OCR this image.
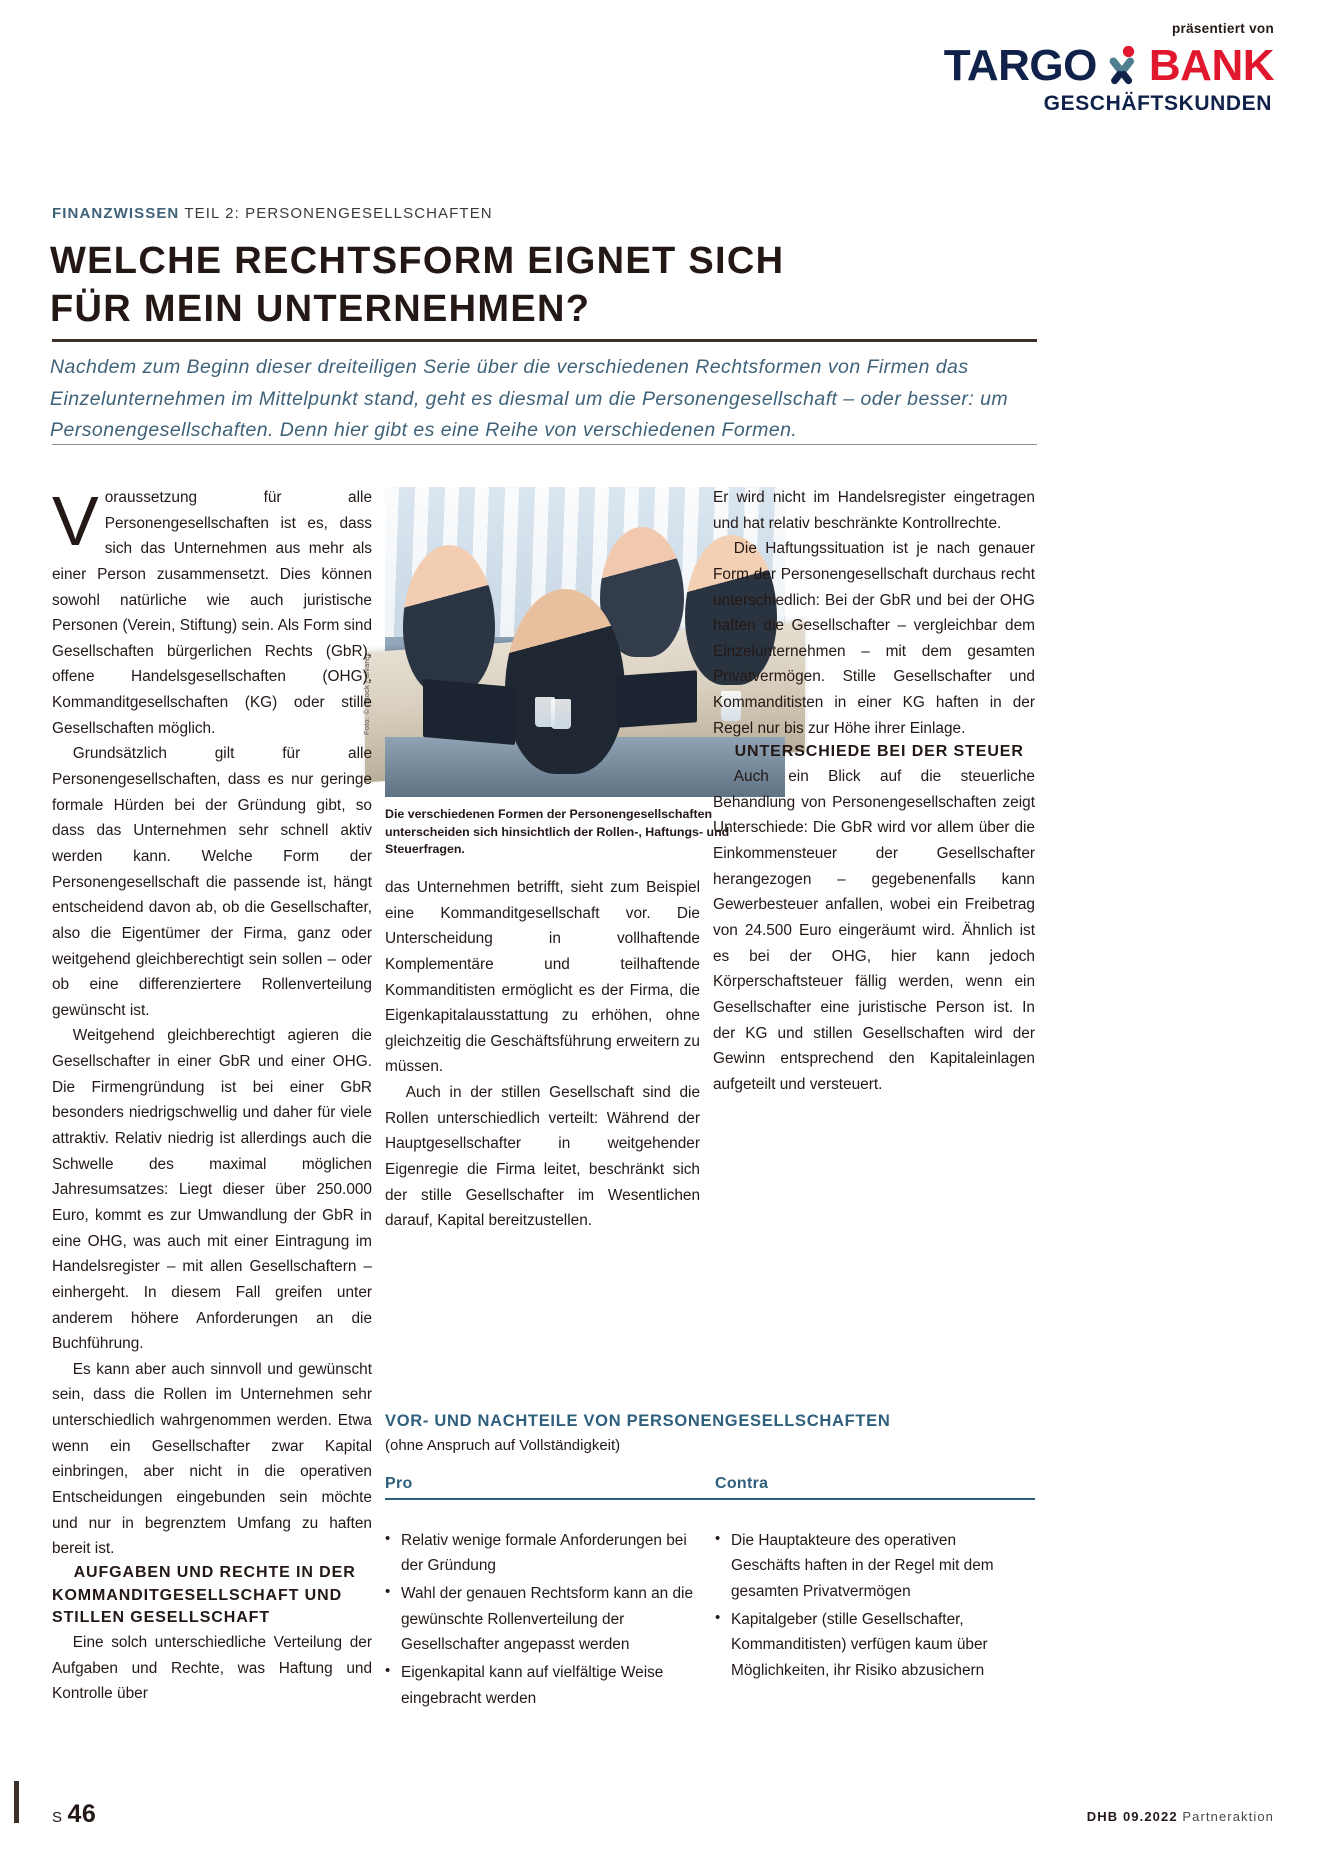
präsentiert von
TARGO BANK
GESCHÄFTSKUNDEN
FINANZWISSEN TEIL 2: PERSONENGESELLSCHAFTEN
WELCHE RECHTSFORM EIGNET SICH
FÜR MEIN UNTERNEHMEN?

Nachdem zum Beginn dieser dreiteiligen Serie über die verschiedenen Rechtsformen von Firmen das Einzelunternehmen im Mittelpunkt stand, geht es diesmal um die Personengesellschaft – oder besser: um Personengesellschaften. Denn hier gibt es eine Reihe von verschiedenen Formen.

Foto: © iStock / alvarez
Die verschiedenen Formen der Personengesellschaften unterscheiden sich hinsichtlich der Rollen-, Haftungs- und Steuerfragen.

Voraussetzung für alle Personengesellschaften ist es, dass sich das Unternehmen aus mehr als einer Person zusammensetzt. Dies können sowohl natürliche wie auch juristische Personen (Verein, Stiftung) sein. Als Form sind Gesellschaften bürgerlichen Rechts (GbR), offene Handelsgesellschaften (OHG), Kommanditgesellschaften (KG) oder stille Gesellschaften möglich.

Grundsätzlich gilt für alle Personengesellschaften, dass es nur geringe formale Hürden bei der Gründung gibt, so dass das Unternehmen sehr schnell aktiv werden kann. Welche Form der Personengesellschaft die passende ist, hängt entscheidend davon ab, ob die Gesellschafter, also die Eigentümer der Firma, ganz oder weitgehend gleichberechtigt sein sollen – oder ob eine differenziertere Rollenverteilung gewünscht ist.

Weitgehend gleichberechtigt agieren die Gesellschafter in einer GbR und einer OHG. Die Firmengründung ist bei einer GbR besonders niedrigschwellig und daher für viele attraktiv. Relativ niedrig ist allerdings auch die Schwelle des maximal möglichen Jahresumsatzes: Liegt dieser über 250.000 Euro, kommt es zur Umwandlung der GbR in eine OHG, was auch mit einer Eintragung im Handelsregister – mit allen Gesellschaftern – einhergeht. In diesem Fall greifen unter anderem höhere Anforderungen an die Buchführung.

Es kann aber auch sinnvoll und gewünscht sein, dass die Rollen im Unternehmen sehr unterschiedlich wahrgenommen werden. Etwa wenn ein Gesellschafter zwar Kapital einbringen, aber nicht in die operativen Entscheidungen eingebunden sein möchte und nur in begrenztem Umfang zu haften bereit ist.

AUFGABEN UND RECHTE IN DER KOMMANDITGESELLSCHAFT UND STILLEN GESELLSCHAFT

Eine solch unterschiedliche Verteilung der Aufgaben und Rechte, was Haftung und Kontrolle über

das Unternehmen betrifft, sieht zum Beispiel eine Kommanditgesellschaft vor. Die Unterscheidung in vollhaftende Komplementäre und teilhaftende Kommanditisten ermöglicht es der Firma, die Eigenkapitalausstattung zu erhöhen, ohne gleichzeitig die Geschäftsführung erweitern zu müssen.

Auch in der stillen Gesellschaft sind die Rollen unterschiedlich verteilt: Während der Hauptgesellschafter in weitgehender Eigenregie die Firma leitet, beschränkt sich der stille Gesellschafter im Wesentlichen darauf, Kapital bereitzustellen.

Er wird nicht im Handelsregister eingetragen und hat relativ beschränkte Kontrollrechte.

Die Haftungssituation ist je nach genauer Form der Personengesellschaft durchaus recht unterschiedlich: Bei der GbR und bei der OHG haften die Gesellschafter – vergleichbar dem Einzelunternehmen – mit dem gesamten Privatvermögen. Stille Gesellschafter und Kommanditisten in einer KG haften in der Regel nur bis zur Höhe ihrer Einlage.

UNTERSCHIEDE BEI DER STEUER

Auch ein Blick auf die steuerliche Behandlung von Personengesellschaften zeigt Unterschiede: Die GbR wird vor allem über die Einkommensteuer der Gesellschafter herangezogen – gegebenenfalls kann Gewerbesteuer anfallen, wobei ein Freibetrag von 24.500 Euro eingeräumt wird. Ähnlich ist es bei der OHG, hier kann jedoch Körperschaftsteuer fällig werden, wenn ein Gesellschafter eine juristische Person ist. In der KG und stillen Gesellschaften wird der Gewinn entsprechend den Kapitaleinlagen aufgeteilt und versteuert.

VOR- UND NACHTEILE VON PERSONENGESELLSCHAFTEN

(ohne Anspruch auf Vollständigkeit)

Pro	Contra
• Relativ wenige formale Anforderungen bei der Gründung
• Wahl der genauen Rechtsform kann an die gewünschte Rollenverteilung der Gesellschafter angepasst werden
• Eigenkapital kann auf vielfältige Weise eingebracht werden
• Die Hauptakteure des operativen Geschäfts haften in der Regel mit dem gesamten Privatvermögen
• Kapitalgeber (stille Gesellschafter, Kommanditisten) verfügen kaum über Möglichkeiten, ihr Risiko abzusichern
S 46	DHB 09.2022 Partneraktion
